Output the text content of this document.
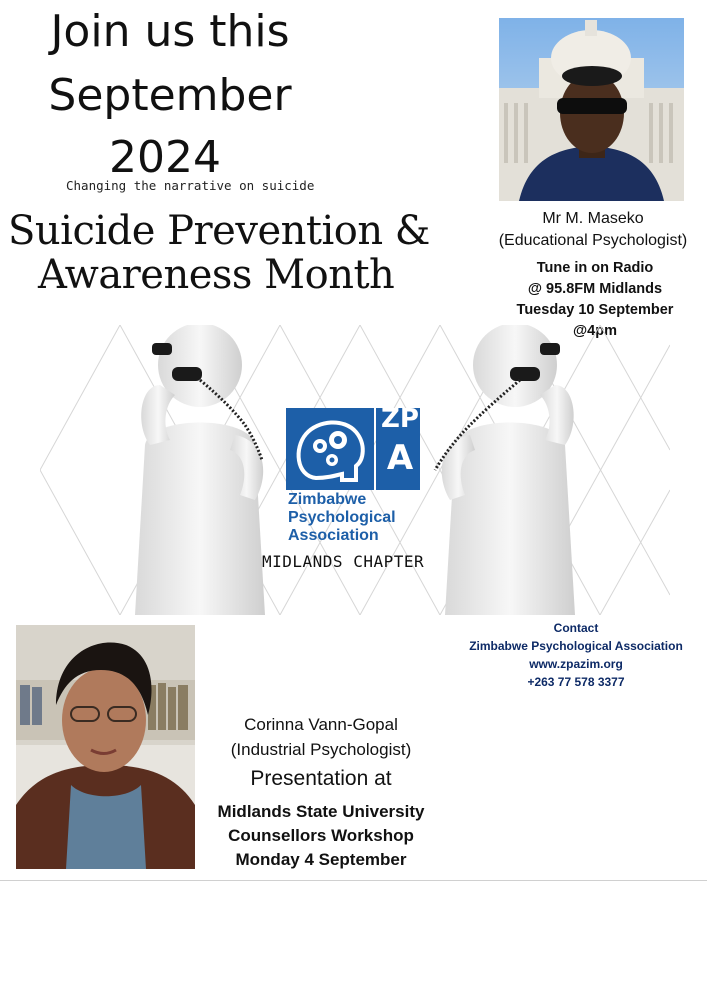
Join us this
September
2024
Changing the narrative on suicide
Suicide Prevention &
Awareness Month
Mr M. Maseko
(Educational Psychologist)
Tune in on Radio
@ 95.8FM Midlands
Tuesday 10 September
@4pm
ZP
A
Zimbabwe
Psychological
Association
MIDLANDS CHAPTER
Contact
Zimbabwe Psychological Association
www.zpazim.org
+263 77 578 3377
Corinna Vann-Gopal
(Industrial Psychologist)
Presentation at
Midlands State University
Counsellors Workshop
Monday 4 September
